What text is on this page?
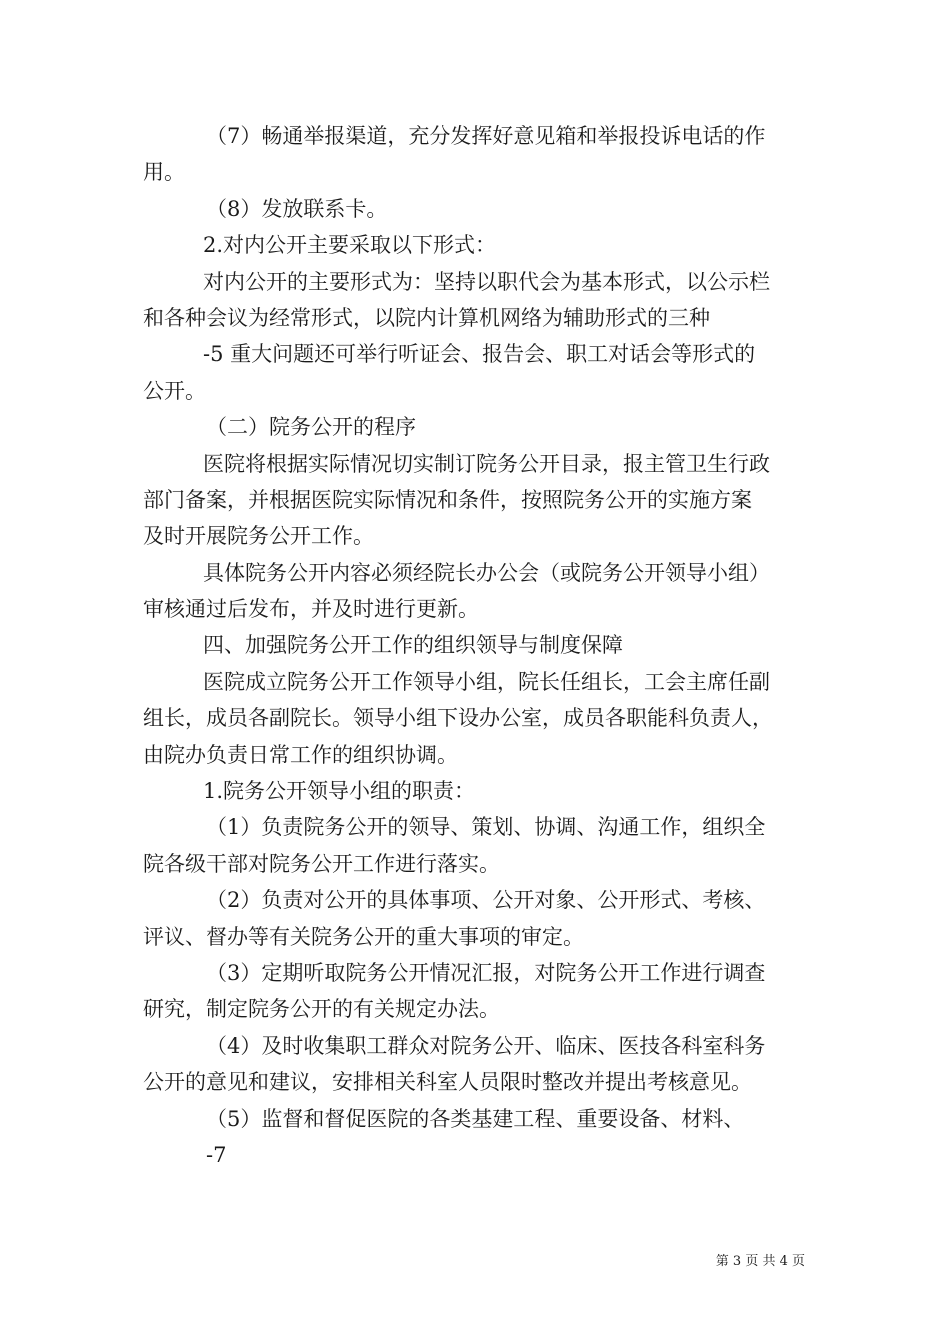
（7）畅通举报渠道，充分发挥好意见箱和举报投诉电话的作
用。
（8）发放联系卡。
2.对内公开主要采取以下形式：
对内公开的主要形式为：坚持以职代会为基本形式，以公示栏
和各种会议为经常形式，以院内计算机网络为辅助形式的三种
-5 重大问题还可举行听证会、报告会、职工对话会等形式的
公开。
（二）院务公开的程序
医院将根据实际情况切实制订院务公开目录，报主管卫生行政
部门备案，并根据医院实际情况和条件，按照院务公开的实施方案
及时开展院务公开工作。
具体院务公开内容必须经院长办公会（或院务公开领导小组）
审核通过后发布，并及时进行更新。
四、加强院务公开工作的组织领导与制度保障
医院成立院务公开工作领导小组，院长任组长，工会主席任副
组长，成员各副院长。领导小组下设办公室，成员各职能科负责人，
由院办负责日常工作的组织协调。
1.院务公开领导小组的职责：
（1）负责院务公开的领导、策划、协调、沟通工作，组织全
院各级干部对院务公开工作进行落实。
（2）负责对公开的具体事项、公开对象、公开形式、考核、
评议、督办等有关院务公开的重大事项的审定。
（3）定期听取院务公开情况汇报，对院务公开工作进行调查
研究，制定院务公开的有关规定办法。
（4）及时收集职工群众对院务公开、临床、医技各科室科务
公开的意见和建议，安排相关科室人员限时整改并提出考核意见。
（5）监督和督促医院的各类基建工程、重要设备、材料、
-7
第 3 页 共 4 页
